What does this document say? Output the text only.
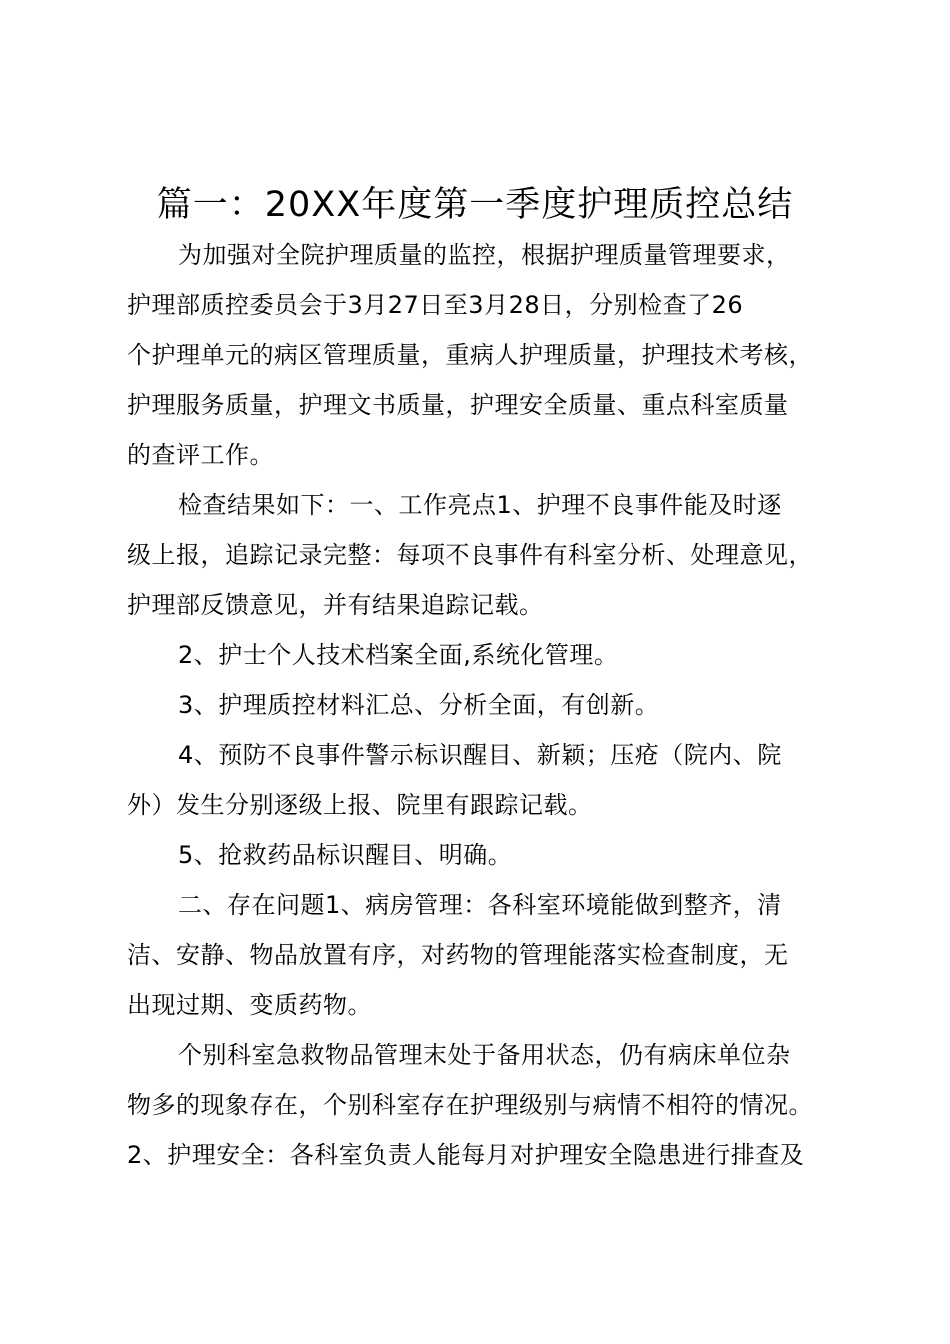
篇一：20XX年度第一季度护理质控总结
为加强对全院护理质量的监控，根据护理质量管理要求，
护理部质控委员会于3月27日至3月28日，分别检查了26
个护理单元的病区管理质量，重病人护理质量，护理技术考核，
护理服务质量，护理文书质量，护理安全质量、重点科室质量
的查评工作。
检查结果如下：一、工作亮点1、护理不良事件能及时逐
级上报，追踪记录完整：每项不良事件有科室分析、处理意见，
护理部反馈意见，并有结果追踪记载。
2、护士个人技术档案全面,系统化管理。
3、护理质控材料汇总、分析全面，有创新。
4、预防不良事件警示标识醒目、新颖；压疮（院内、院
外）发生分别逐级上报、院里有跟踪记载。
5、抢救药品标识醒目、明确。
二、存在问题1、病房管理：各科室环境能做到整齐，清
洁、安静、物品放置有序，对药物的管理能落实检查制度，无
出现过期、变质药物。
个别科室急救物品管理末处于备用状态，仍有病床单位杂
物多的现象存在，个别科室存在护理级别与病情不相符的情况。
2、护理安全：各科室负责人能每月对护理安全隐患进行排查及
